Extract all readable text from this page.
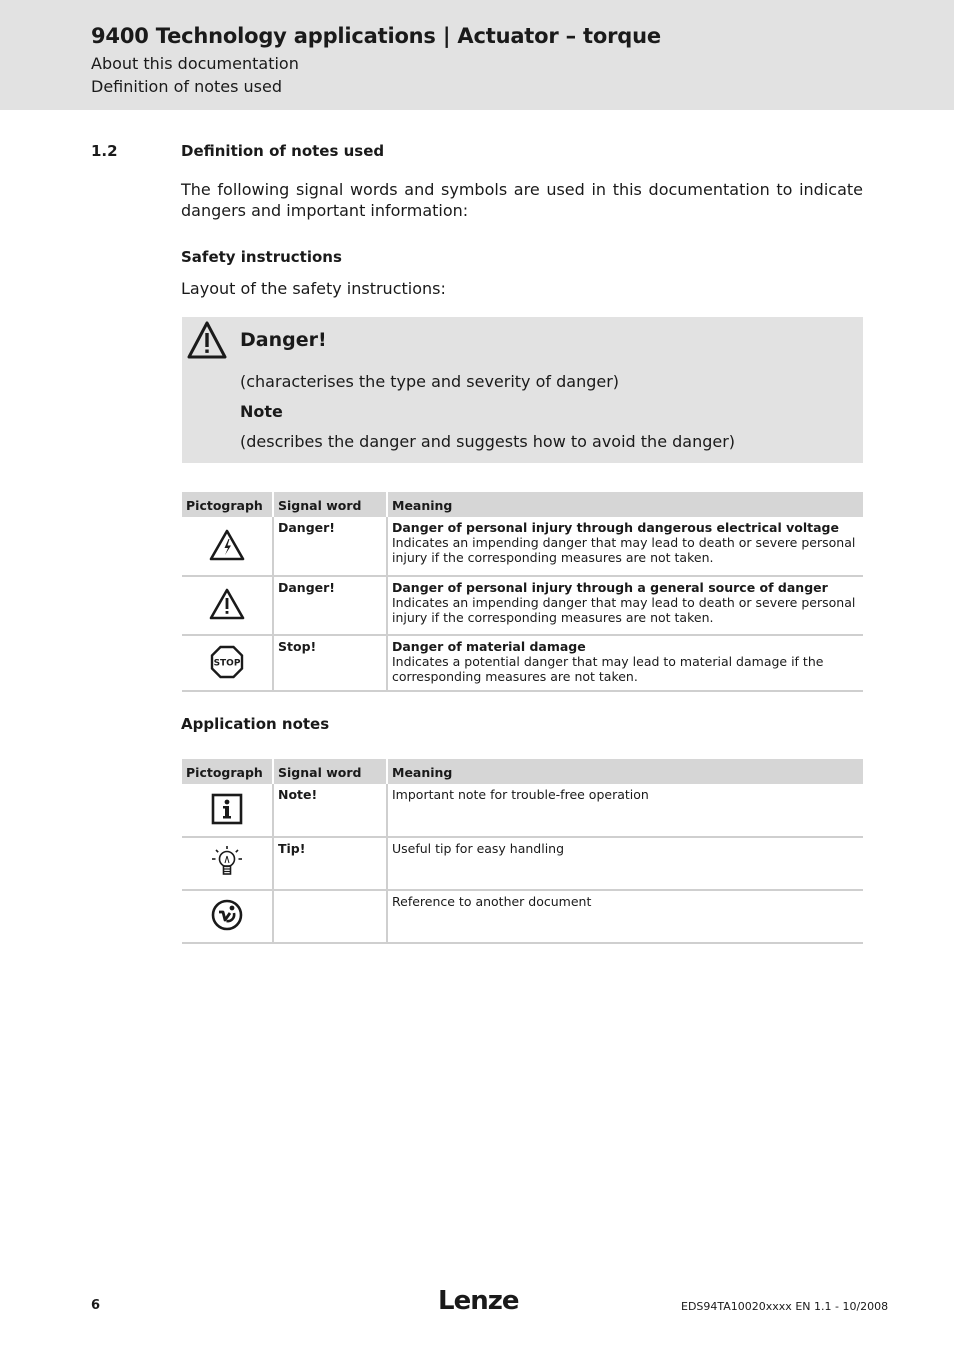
9400 Technology applications | Actuator – torque
About this documentation
Definition of notes used
1.2	Definition of notes used
The following signal words and symbols are used in this documentation to indicate dangers and important information:
Safety instructions
Layout of the safety instructions:
Danger!
(characterises the type and severity of danger)
Note
(describes the danger and suggests how to avoid the danger)
Pictograph	Signal word	Meaning
	Danger!	Danger of personal injury through dangerous electrical voltage
Indicates an impending danger that may lead to death or severe personal injury if the corresponding measures are not taken.

	Danger!	Danger of personal injury through a general source of danger
Indicates an impending danger that may lead to death or severe personal injury if the corresponding measures are not taken.

STOP	Stop!	Danger of material damage
Indicates a potential danger that may lead to material damage if the corresponding measures are not taken.
Application notes
Pictograph	Signal word	Meaning
	Note!	Important note for trouble-free operation
	Tip!	Useful tip for easy handling
		Reference to another document
6	Lenze	EDS94TA10020xxxx EN 1.1 - 10/2008
